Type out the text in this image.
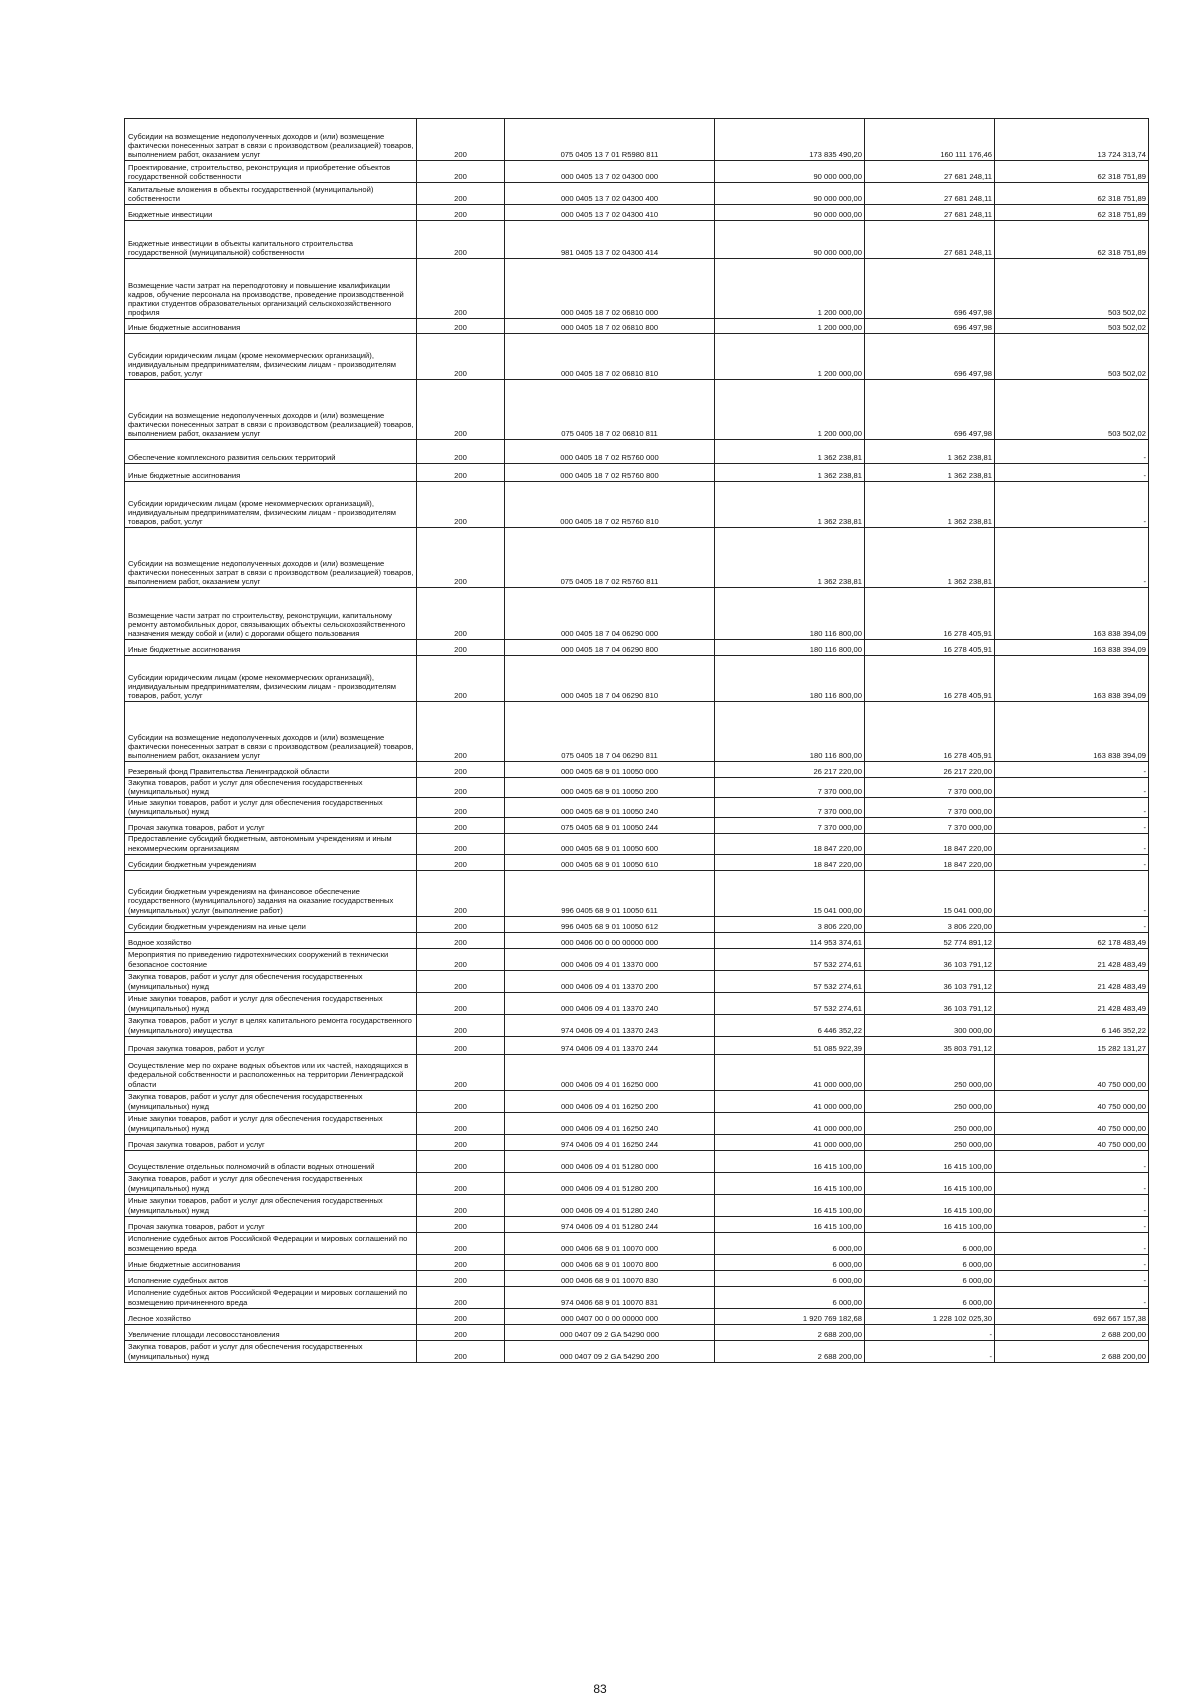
Субсидии на возмещение недополученных доходов и (или) возмещение фактически понесенных затрат в связи с производством (реализацией) товаров, выполнением работ, оказанием услуг	200	075 0405 13 7 01 R5980 811	173 835 490,20	160 111 176,46	13 724 313,74
Проектирование, строительство, реконструкция и приобретение объектов государственной собственности	200	000 0405 13 7 02 04300 000	90 000 000,00	27 681 248,11	62 318 751,89
Капитальные вложения в объекты государственной (муниципальной) собственности	200	000 0405 13 7 02 04300 400	90 000 000,00	27 681 248,11	62 318 751,89
Бюджетные инвестиции	200	000 0405 13 7 02 04300 410	90 000 000,00	27 681 248,11	62 318 751,89
Бюджетные инвестиции в объекты капитального строительства государственной (муниципальной) собственности	200	981 0405 13 7 02 04300 414	90 000 000,00	27 681 248,11	62 318 751,89
Возмещение части затрат на переподготовку и повышение квалификации кадров, обучение персонала на производстве, проведение производственной практики студентов образовательных организаций сельскохозяйственного профиля	200	000 0405 18 7 02 06810 000	1 200 000,00	696 497,98	503 502,02
Иные бюджетные ассигнования	200	000 0405 18 7 02 06810 800	1 200 000,00	696 497,98	503 502,02
Субсидии юридическим лицам (кроме некоммерческих организаций), индивидуальным предпринимателям, физическим лицам - производителям товаров, работ, услуг	200	000 0405 18 7 02 06810 810	1 200 000,00	696 497,98	503 502,02
Субсидии на возмещение недополученных доходов и (или) возмещение фактически понесенных затрат в связи с производством (реализацией) товаров, выполнением работ, оказанием услуг	200	075 0405 18 7 02 06810 811	1 200 000,00	696 497,98	503 502,02
Обеспечение комплексного развития сельских территорий	200	000 0405 18 7 02 R5760 000	1 362 238,81	1 362 238,81	-
Иные бюджетные ассигнования	200	000 0405 18 7 02 R5760 800	1 362 238,81	1 362 238,81	-
Субсидии юридическим лицам (кроме некоммерческих организаций), индивидуальным предпринимателям, физическим лицам - производителям товаров, работ, услуг	200	000 0405 18 7 02 R5760 810	1 362 238,81	1 362 238,81	-
Субсидии на возмещение недополученных доходов и (или) возмещение фактически понесенных затрат в связи с производством (реализацией) товаров, выполнением работ, оказанием услуг	200	075 0405 18 7 02 R5760 811	1 362 238,81	1 362 238,81	-
Возмещение части затрат по строительству, реконструкции, капитальному ремонту автомобильных дорог, связывающих объекты сельскохозяйственного назначения между собой и (или) с дорогами общего пользования	200	000 0405 18 7 04 06290 000	180 116 800,00	16 278 405,91	163 838 394,09
Иные бюджетные ассигнования	200	000 0405 18 7 04 06290 800	180 116 800,00	16 278 405,91	163 838 394,09
Субсидии юридическим лицам (кроме некоммерческих организаций), индивидуальным предпринимателям, физическим лицам - производителям товаров, работ, услуг	200	000 0405 18 7 04 06290 810	180 116 800,00	16 278 405,91	163 838 394,09
Субсидии на возмещение недополученных доходов и (или) возмещение фактически понесенных затрат в связи с производством (реализацией) товаров, выполнением работ, оказанием услуг	200	075 0405 18 7 04 06290 811	180 116 800,00	16 278 405,91	163 838 394,09
Резервный фонд Правительства Ленинградской области	200	000 0405 68 9 01 10050 000	26 217 220,00	26 217 220,00	-
Закупка товаров, работ и услуг для обеспечения государственных (муниципальных) нужд	200	000 0405 68 9 01 10050 200	7 370 000,00	7 370 000,00	-
Иные закупки товаров, работ и услуг для обеспечения государственных (муниципальных) нужд	200	000 0405 68 9 01 10050 240	7 370 000,00	7 370 000,00	-
Прочая закупка товаров, работ и услуг	200	075 0405 68 9 01 10050 244	7 370 000,00	7 370 000,00	-
Предоставление субсидий бюджетным, автономным учреждениям и иным некоммерческим организациям	200	000 0405 68 9 01 10050 600	18 847 220,00	18 847 220,00	-
Субсидии бюджетным учреждениям	200	000 0405 68 9 01 10050 610	18 847 220,00	18 847 220,00	-
Субсидии бюджетным учреждениям на финансовое обеспечение государственного (муниципального) задания на оказание государственных (муниципальных) услуг (выполнение работ)	200	996 0405 68 9 01 10050 611	15 041 000,00	15 041 000,00	-
Субсидии бюджетным учреждениям на иные цели	200	996 0405 68 9 01 10050 612	3 806 220,00	3 806 220,00	-
Водное хозяйство	200	000 0406 00 0 00 00000 000	114 953 374,61	52 774 891,12	62 178 483,49
Мероприятия по приведению гидротехнических сооружений в технически безопасное состояние	200	000 0406 09 4 01 13370 000	57 532 274,61	36 103 791,12	21 428 483,49
Закупка товаров, работ и услуг для обеспечения государственных (муниципальных) нужд	200	000 0406 09 4 01 13370 200	57 532 274,61	36 103 791,12	21 428 483,49
Иные закупки товаров, работ и услуг для обеспечения государственных (муниципальных) нужд	200	000 0406 09 4 01 13370 240	57 532 274,61	36 103 791,12	21 428 483,49
Закупка товаров, работ и услуг в целях капитального ремонта государственного (муниципального) имущества	200	974 0406 09 4 01 13370 243	6 446 352,22	300 000,00	6 146 352,22
Прочая закупка товаров, работ и услуг	200	974 0406 09 4 01 13370 244	51 085 922,39	35 803 791,12	15 282 131,27
Осуществление мер по охране водных объектов или их частей, находящихся в федеральной собственности и расположенных на территории Ленинградской области	200	000 0406 09 4 01 16250 000	41 000 000,00	250 000,00	40 750 000,00
Закупка товаров, работ и услуг для обеспечения государственных (муниципальных) нужд	200	000 0406 09 4 01 16250 200	41 000 000,00	250 000,00	40 750 000,00
Иные закупки товаров, работ и услуг для обеспечения государственных (муниципальных) нужд	200	000 0406 09 4 01 16250 240	41 000 000,00	250 000,00	40 750 000,00
Прочая закупка товаров, работ и услуг	200	974 0406 09 4 01 16250 244	41 000 000,00	250 000,00	40 750 000,00
Осуществление отдельных полномочий в области водных отношений	200	000 0406 09 4 01 51280 000	16 415 100,00	16 415 100,00	-
Закупка товаров, работ и услуг для обеспечения государственных (муниципальных) нужд	200	000 0406 09 4 01 51280 200	16 415 100,00	16 415 100,00	-
Иные закупки товаров, работ и услуг для обеспечения государственных (муниципальных) нужд	200	000 0406 09 4 01 51280 240	16 415 100,00	16 415 100,00	-
Прочая закупка товаров, работ и услуг	200	974 0406 09 4 01 51280 244	16 415 100,00	16 415 100,00	-
Исполнение судебных актов Российской Федерации и мировых соглашений по возмещению вреда	200	000 0406 68 9 01 10070 000	6 000,00	6 000,00	-
Иные бюджетные ассигнования	200	000 0406 68 9 01 10070 800	6 000,00	6 000,00	-
Исполнение судебных актов	200	000 0406 68 9 01 10070 830	6 000,00	6 000,00	-
Исполнение судебных актов Российской Федерации и мировых соглашений по возмещению причиненного вреда	200	974 0406 68 9 01 10070 831	6 000,00	6 000,00	-
Лесное хозяйство	200	000 0407 00 0 00 00000 000	1 920 769 182,68	1 228 102 025,30	692 667 157,38
Увеличение площади лесовосстановления	200	000 0407 09 2 GA 54290 000	2 688 200,00	-	2 688 200,00
Закупка товаров, работ и услуг для обеспечения государственных (муниципальных) нужд	200	000 0407 09 2 GA 54290 200	2 688 200,00	-	2 688 200,00
83
